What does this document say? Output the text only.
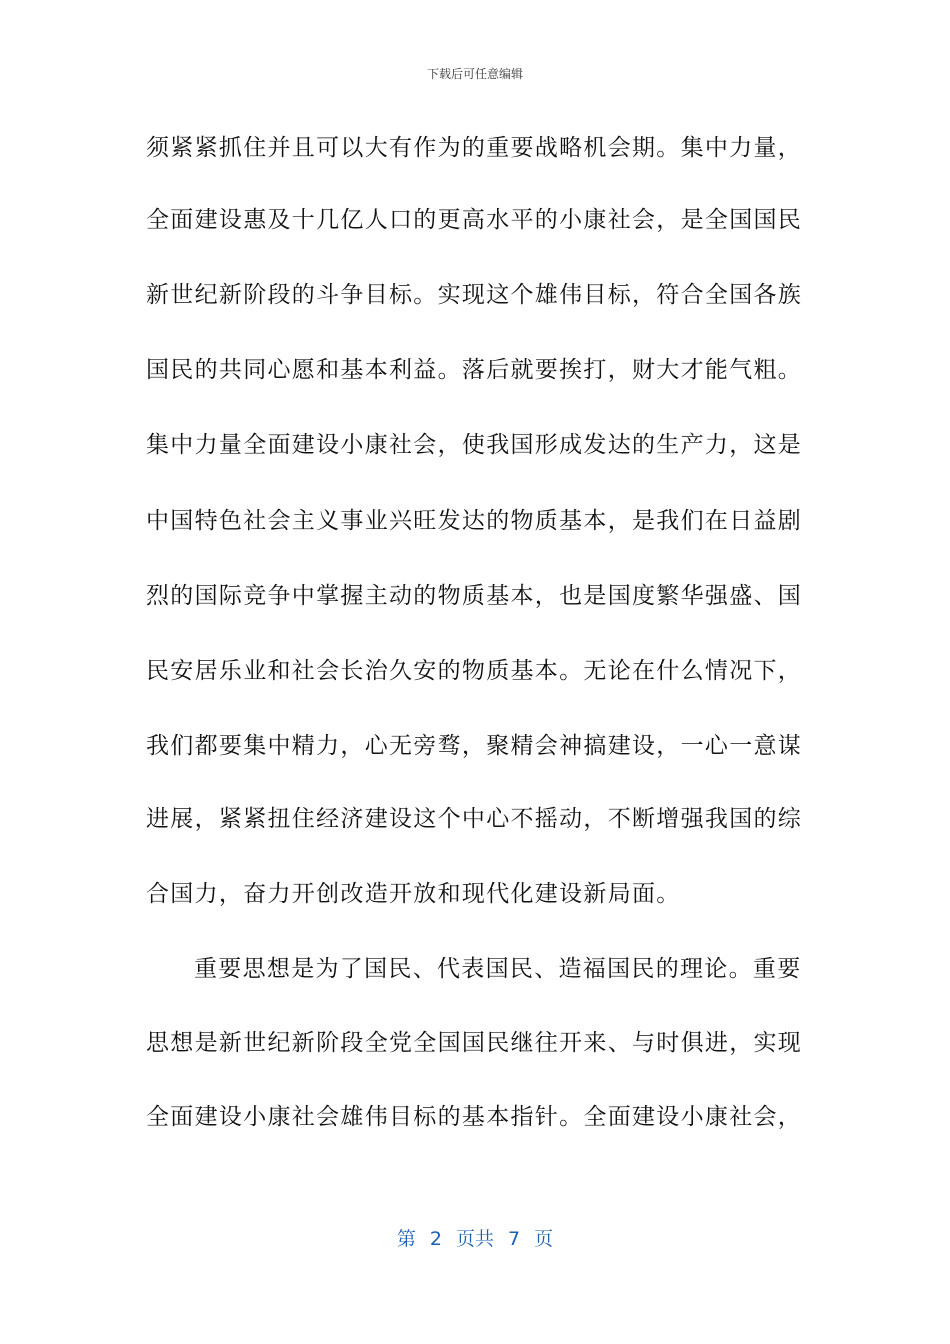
下载后可任意编辑
须紧紧抓住并且可以大有作为的重要战略机会期。集中力量，
全面建设惠及十几亿人口的更高水平的小康社会，是全国国民
新世纪新阶段的斗争目标。实现这个雄伟目标，符合全国各族
国民的共同心愿和基本利益。落后就要挨打，财大才能气粗。
集中力量全面建设小康社会，使我国形成发达的生产力，这是
中国特色社会主义事业兴旺发达的物质基本，是我们在日益剧
烈的国际竞争中掌握主动的物质基本，也是国度繁华强盛、国
民安居乐业和社会长治久安的物质基本。无论在什么情况下，
我们都要集中精力，心无旁骛，聚精会神搞建设，一心一意谋
进展，紧紧扭住经济建设这个中心不摇动，不断增强我国的综
合国力，奋力开创改造开放和现代化建设新局面。
重要思想是为了国民、代表国民、造福国民的理论。重要
思想是新世纪新阶段全党全国国民继往开来、与时俱进，实现
全面建设小康社会雄伟目标的基本指针。全面建设小康社会，
第 2 页共 7 页
